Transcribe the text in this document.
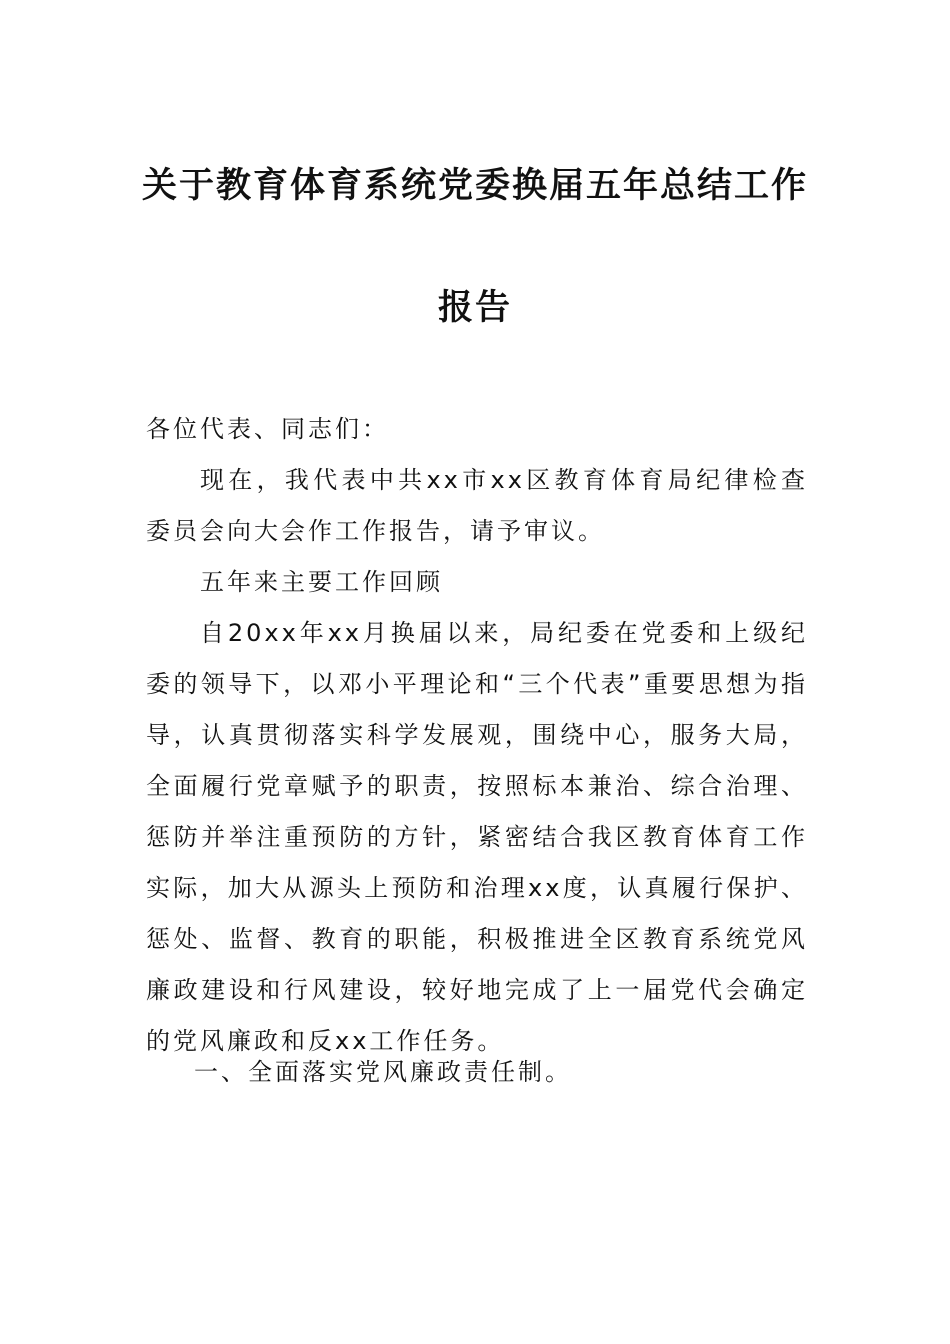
关于教育体育系统党委换届五年总结工作
报告

各位代表、同志们：

现在，我代表中共xx市xx区教育体育局纪律检查委员会向大会作工作报告，请予审议。

五年来主要工作回顾

自20xx年xx月换届以来，局纪委在党委和上级纪委的领导下，以邓小平理论和“三个代表”重要思想为指导，认真贯彻落实科学发展观，围绕中心，服务大局，全面履行党章赋予的职责，按照标本兼治、综合治理、惩防并举注重预防的方针，紧密结合我区教育体育工作实际，加大从源头上预防和治理xx度，认真履行保护、惩处、监督、教育的职能，积极推进全区教育系统党风廉政建设和行风建设，较好地完成了上一届党代会确定的党风廉政和反xx工作任务。

一、全面落实党风廉政责任制。
